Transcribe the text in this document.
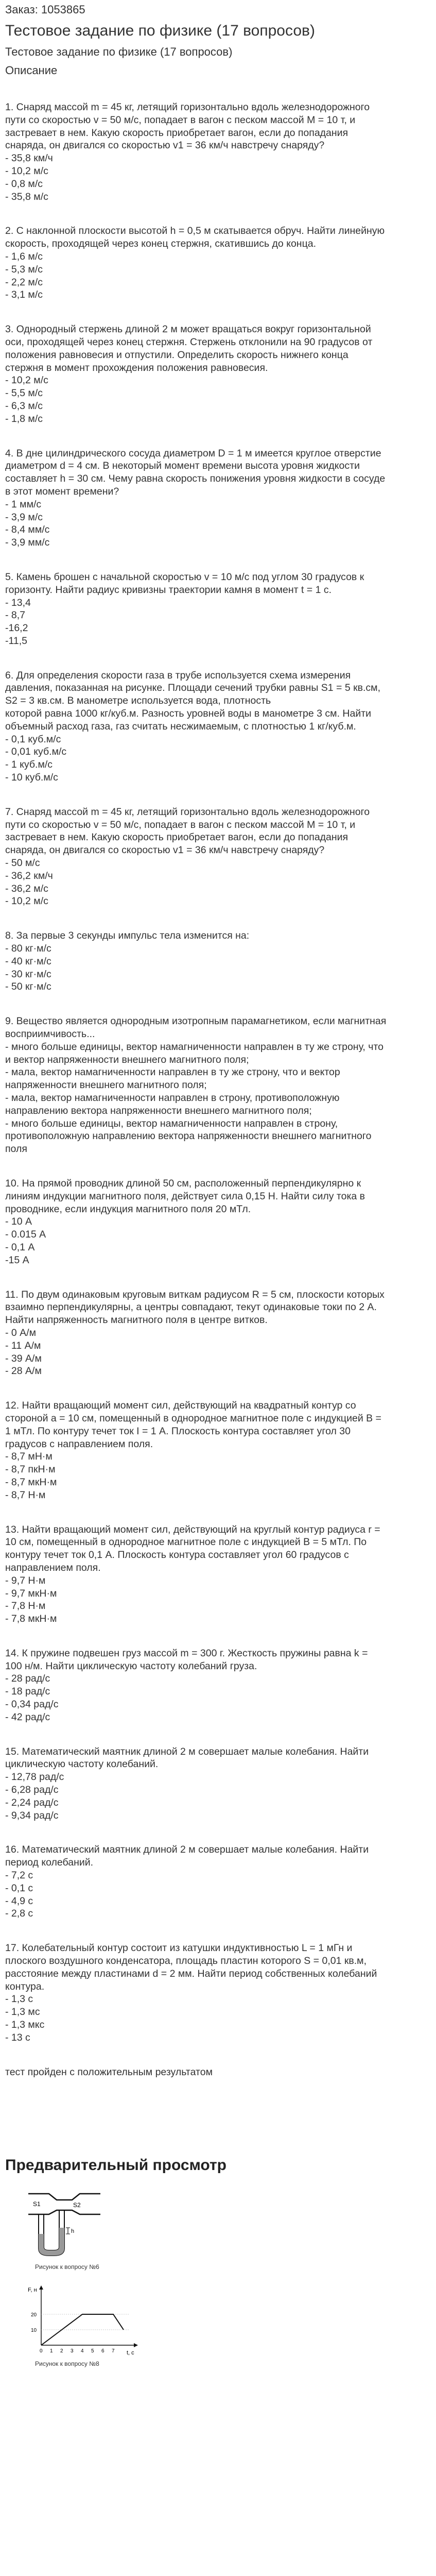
Заказ: 1053865
Тестовое задание по физике (17 вопросов)
Тестовое задание по физике (17 вопросов)
Описание
1. Снаряд массой m = 45 кг, летящий горизонтально вдоль железнодорожного
пути со скоростью v = 50 м/с, попадает в вагон с песком массой М = 10 т, и
застревает в нем. Какую скорость приобретает вагон, если до попадания
снаряда, он двигался со скоростью v1 = 36 км/ч навстречу снаряду?
- 35,8 км/ч
- 10,2 м/с
- 0,8 м/с
- 35,8 м/с
2. С наклонной плоскости высотой h = 0,5 м скатывается обруч. Найти линейную
скорость, проходящей через конец стержня, скатившись до конца.
- 1,6 м/с
- 5,3 м/с
- 2,2 м/с
- 3,1 м/с
3. Однородный стержень длиной 2 м может вращаться вокруг горизонтальной
оси, проходящей через конец стержня. Стержень отклонили на 90 градусов от
положения равновесия и отпустили. Определить скорость нижнего конца
стержня в момент прохождения положения равновесия.
- 10,2 м/с
- 5,5 м/с
- 6,3 м/с
- 1,8 м/с
4. В дне цилиндрического сосуда диаметром D = 1 м имеется круглое отверстие
диаметром d = 4 см. В некоторый момент времени высота уровня жидкости
составляет h = 30 см. Чему равна скорость понижения уровня жидкости в сосуде
в этот момент времени?
- 1 мм/с
- 3,9 м/с
- 8,4 мм/с
- 3,9 мм/с
5. Камень брошен с начальной скоростью v = 10 м/с под углом 30 градусов к
горизонту. Найти радиус кривизны траектории камня в момент t = 1 с.
- 13,4
- 8,7
-16,2
-11,5
6. Для определения скорости газа в трубе используется схема измерения
давления, показанная на рисунке. Площади сечений трубки равны S1 = 5 кв.см,
S2 = 3 кв.см. В манометре используется вода, плотность
которой равна 1000 кг/куб.м. Разность уровней воды в манометре 3 см. Найти
объемный расход газа, газ считать несжимаемым, с плотностью 1 кг/куб.м.
- 0,1 куб.м/с
- 0,01 куб.м/с
- 1 куб.м/с
- 10 куб.м/с
7. Снаряд массой m = 45 кг, летящий горизонтально вдоль железнодорожного
пути со скоростью v = 50 м/с, попадает в вагон с песком массой М = 10 т, и
застревает в нем. Какую скорость приобретает вагон, если до попадания
снаряда, он двигался со скоростью v1 = 36 км/ч навстречу снаряду?
- 50 м/с
- 36,2 км/ч
- 36,2 м/с
- 10,2 м/с
8. За первые 3 секунды импульс тела изменится на:
- 80 кг·м/с
- 40 кг·м/с
- 30 кг·м/с
- 50 кг·м/с
9. Вещество является однородным изотропным парамагнетиком, если магнитная
восприимчивость...
- много больше единицы, вектор намагниченности направлен в ту же строну, что
и вектор напряженности внешнего магнитного поля;
- мала, вектор намагниченности направлен в ту же строну, что и вектор
напряженности внешнего магнитного поля;
- мала, вектор намагниченности направлен в строну, противоположную
направлению вектора напряженности внешнего магнитного поля;
- много больше единицы, вектор намагниченности направлен в строну,
противоположную направлению вектора напряженности внешнего магнитного
поля
10. На прямой проводник длиной 50 см, расположенный перпендикулярно к
линиям индукции магнитного поля, действует сила 0,15 Н. Найти силу тока в
проводнике, если индукция магнитного поля 20 мТл.
- 10 А
- 0.015 А
- 0,1 А
-15 А
11. По двум одинаковым круговым виткам радиусом R = 5 см, плоскости которых
взаимно перпендикулярны, а центры совпадают, текут одинаковые токи по 2 А.
Найти напряженность магнитного поля в центре витков.
- 0 А/м
- 11 А/м
- 39 А/м
- 28 А/м
12. Найти вращающий момент сил, действующий на квадратный контур со
стороной а = 10 см, помещенный в однородное магнитное поле с индукцией В =
1 мТл. По контуру течет ток I = 1 А. Плоскость контура составляет угол 30
градусов с направлением поля.
- 8,7 мН·м
- 8,7 пкН·м
- 8,7 мкН·м
- 8,7 Н·м
13. Найти вращающий момент сил, действующий на круглый контур радиуса r =
10 см, помещенный в однородное магнитное поле с индукцией В = 5 мТл. По
контуру течет ток 0,1 А. Плоскость контура составляет угол 60 градусов с
направлением поля.
- 9,7 Н·м
- 9,7 мкН·м
- 7,8 Н·м
- 7,8 мкН·м
14. К пружине подвешен груз массой m = 300 г. Жесткость пружины равна k =
100 н/м. Найти циклическую частоту колебаний груза.
- 28 рад/с
- 18 рад/с
- 0,34 рад/с
- 42 рад/с
15. Математический маятник длиной 2 м совершает малые колебания. Найти
циклическую частоту колебаний.
- 12,78 рад/с
- 6,28 рад/с
- 2,24 рад/с
- 9,34 рад/с
16. Математический маятник длиной 2 м совершает малые колебания. Найти
период колебаний.
- 7,2 с
- 0,1 с
- 4,9 с
- 2,8 с
17. Колебательный контур состоит из катушки индуктивностью L = 1 мГн и
плоского воздушного конденсатора, площадь пластин которого S = 0,01 кв.м,
расстояние между пластинами d = 2 мм. Найти период собственных колебаний
контура.
- 1,3 с
- 1,3 мс
- 1,3 мкс
- 13 с
тест пройден с положительным результатом
Предварительный просмотр
h
S1	S2
Рисунок к вопросу №6
F, н
t, c
20
10
0 1 2 3 4 5 6 7
Рисунок к вопросу №8
